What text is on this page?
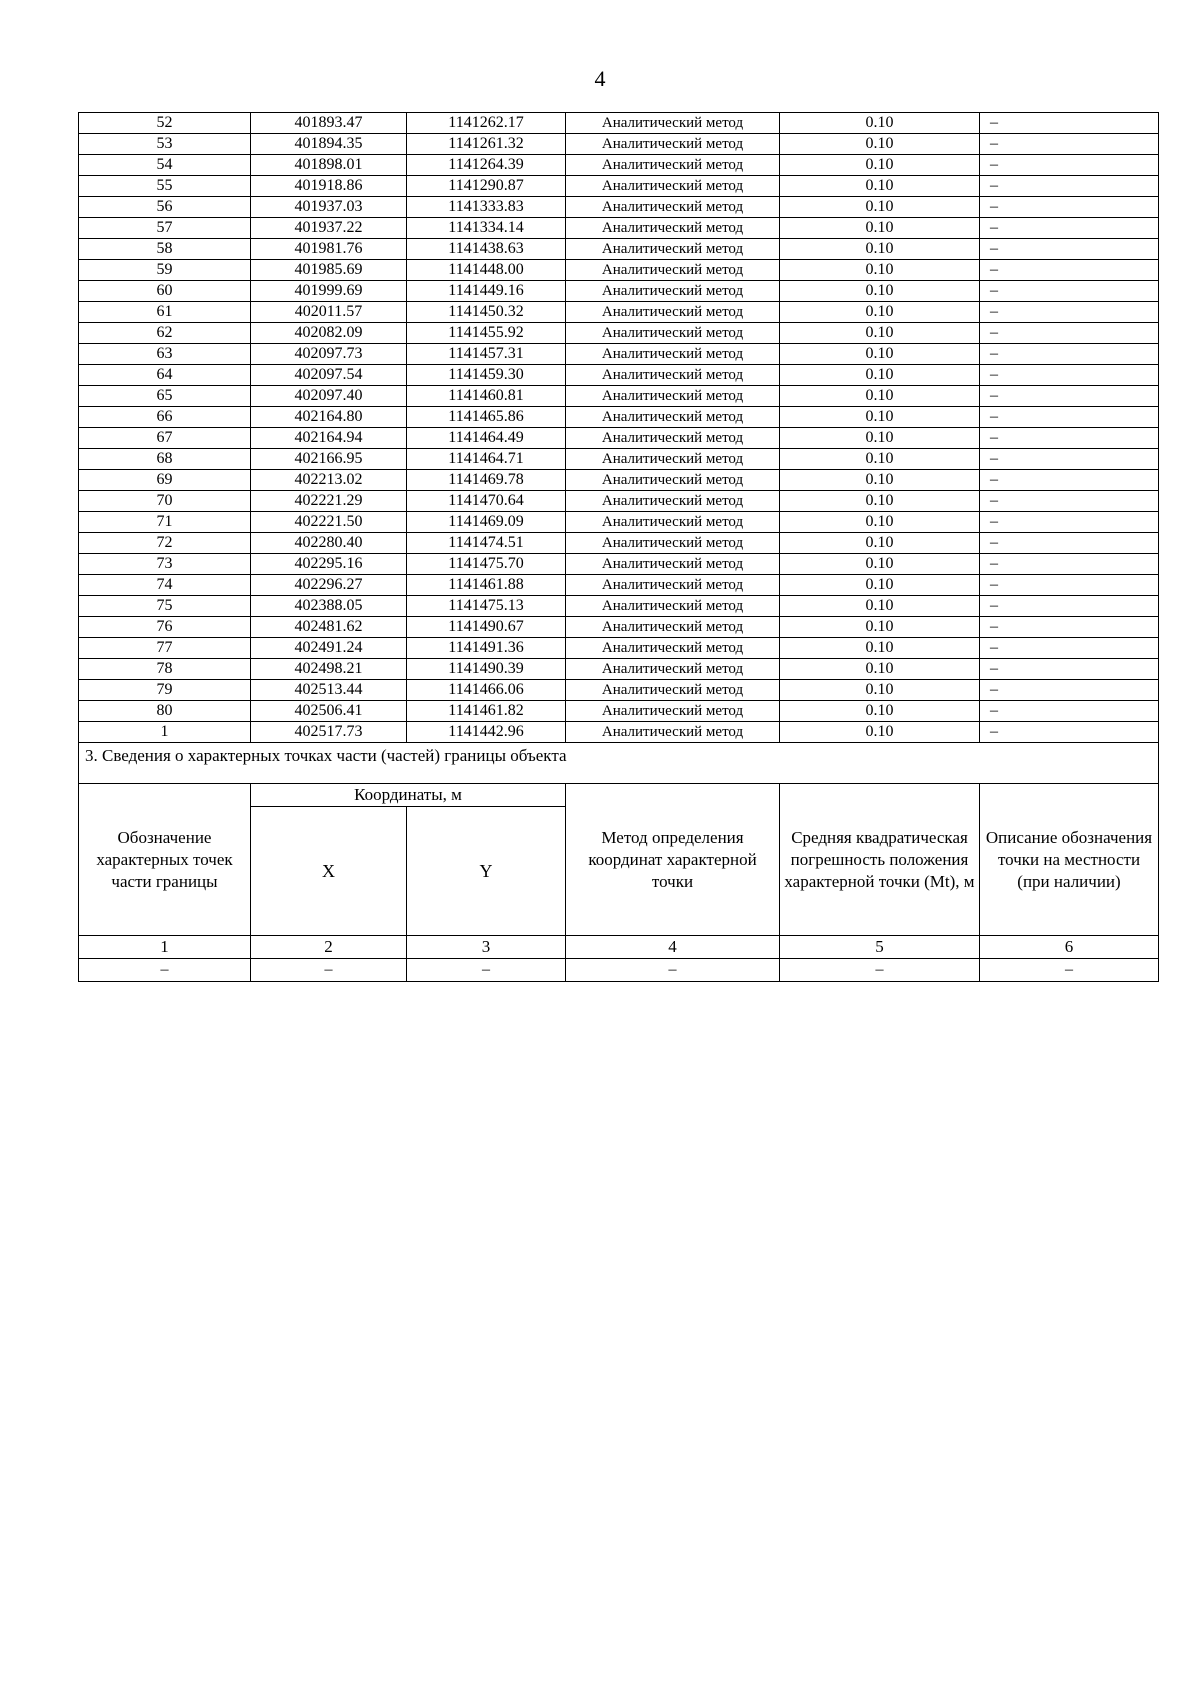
4
52	401893.47	1141262.17	Аналитический метод	0.10	–
53	401894.35	1141261.32	Аналитический метод	0.10	–
54	401898.01	1141264.39	Аналитический метод	0.10	–
55	401918.86	1141290.87	Аналитический метод	0.10	–
56	401937.03	1141333.83	Аналитический метод	0.10	–
57	401937.22	1141334.14	Аналитический метод	0.10	–
58	401981.76	1141438.63	Аналитический метод	0.10	–
59	401985.69	1141448.00	Аналитический метод	0.10	–
60	401999.69	1141449.16	Аналитический метод	0.10	–
61	402011.57	1141450.32	Аналитический метод	0.10	–
62	402082.09	1141455.92	Аналитический метод	0.10	–
63	402097.73	1141457.31	Аналитический метод	0.10	–
64	402097.54	1141459.30	Аналитический метод	0.10	–
65	402097.40	1141460.81	Аналитический метод	0.10	–
66	402164.80	1141465.86	Аналитический метод	0.10	–
67	402164.94	1141464.49	Аналитический метод	0.10	–
68	402166.95	1141464.71	Аналитический метод	0.10	–
69	402213.02	1141469.78	Аналитический метод	0.10	–
70	402221.29	1141470.64	Аналитический метод	0.10	–
71	402221.50	1141469.09	Аналитический метод	0.10	–
72	402280.40	1141474.51	Аналитический метод	0.10	–
73	402295.16	1141475.70	Аналитический метод	0.10	–
74	402296.27	1141461.88	Аналитический метод	0.10	–
75	402388.05	1141475.13	Аналитический метод	0.10	–
76	402481.62	1141490.67	Аналитический метод	0.10	–
77	402491.24	1141491.36	Аналитический метод	0.10	–
78	402498.21	1141490.39	Аналитический метод	0.10	–
79	402513.44	1141466.06	Аналитический метод	0.10	–
80	402506.41	1141461.82	Аналитический метод	0.10	–
1	402517.73	1141442.96	Аналитический метод	0.10	–
3. Сведения о характерных точках части (частей) границы объекта					
Обозначение характерных точек части границы	Координаты, м		Метод определения координат характерной точки	Средняя квадратическая погрешность положения характерной точки (Mt), м	Описание обозначения точки на местности (при наличии)
	X	Y			
1	2	3	4	5	6
–	–	–	–	–	–
